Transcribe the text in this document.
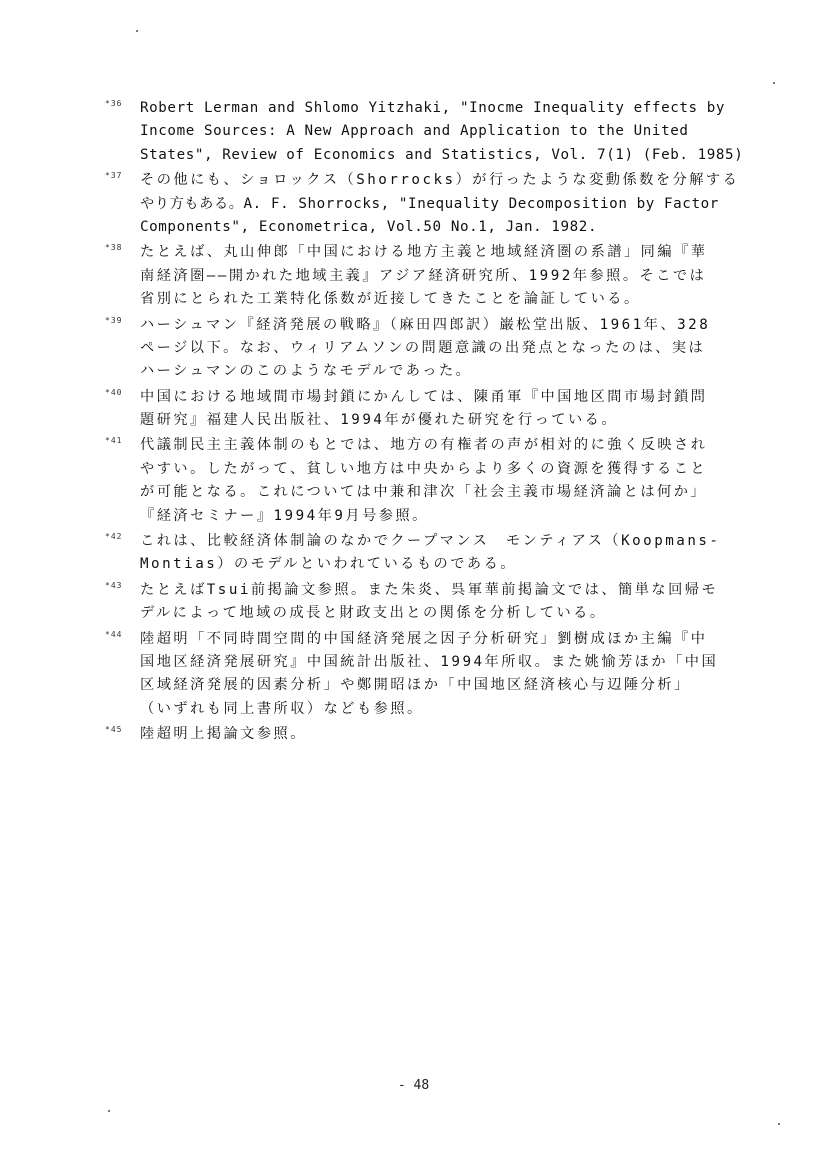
*36 Robert Lerman and Shlomo Yitzhaki, "Inocme Inequality effects by
Income Sources: A New Approach and Application to the United
States", Review of Economics and Statistics, Vol. 7(1) (Feb. 1985)
*37 その他にも、ショロックス（Shorrocks）が行ったような変動係数を分解する
やり方もある。A. F. Shorrocks, "Inequality Decomposition by Factor
Components", Econometrica, Vol.50 No.1, Jan. 1982.
*38 たとえば、丸山伸郎「中国における地方主義と地域経済圏の系譜」同編『華
南経済圏――開かれた地域主義』アジア経済研究所、1992年参照。そこでは
省別にとられた工業特化係数が近接してきたことを論証している。
*39 ハーシュマン『経済発展の戦略』（麻田四郎訳）巌松堂出版、1961年、328
ページ以下。なお、ウィリアムソンの問題意識の出発点となったのは、実は
ハーシュマンのこのようなモデルであった。
*40 中国における地域間市場封鎖にかんしては、陳甬軍『中国地区間市場封鎖問
題研究』福建人民出版社、1994年が優れた研究を行っている。
*41 代議制民主主義体制のもとでは、地方の有権者の声が相対的に強く反映され
やすい。したがって、貧しい地方は中央からより多くの資源を獲得すること
が可能となる。これについては中兼和津次「社会主義市場経済論とは何か」
『経済セミナー』1994年9月号参照。
*42 これは、比較経済体制論のなかでクープマンス　モンティアス（Koopmans-
Montias）のモデルといわれているものである。
*43 たとえばTsui前掲論文参照。また朱炎、呉軍華前掲論文では、簡単な回帰モ
デルによって地域の成長と財政支出との関係を分析している。
*44 陸超明「不同時間空間的中国経済発展之因子分析研究」劉樹成ほか主編『中
国地区経済発展研究』中国統計出版社、1994年所収。また姚愉芳ほか「中国
区域経済発展的因素分析」や鄭開昭ほか「中国地区経済核心与辺陲分析」
（いずれも同上書所収）なども参照。
*45 陸超明上掲論文参照。
- 48
